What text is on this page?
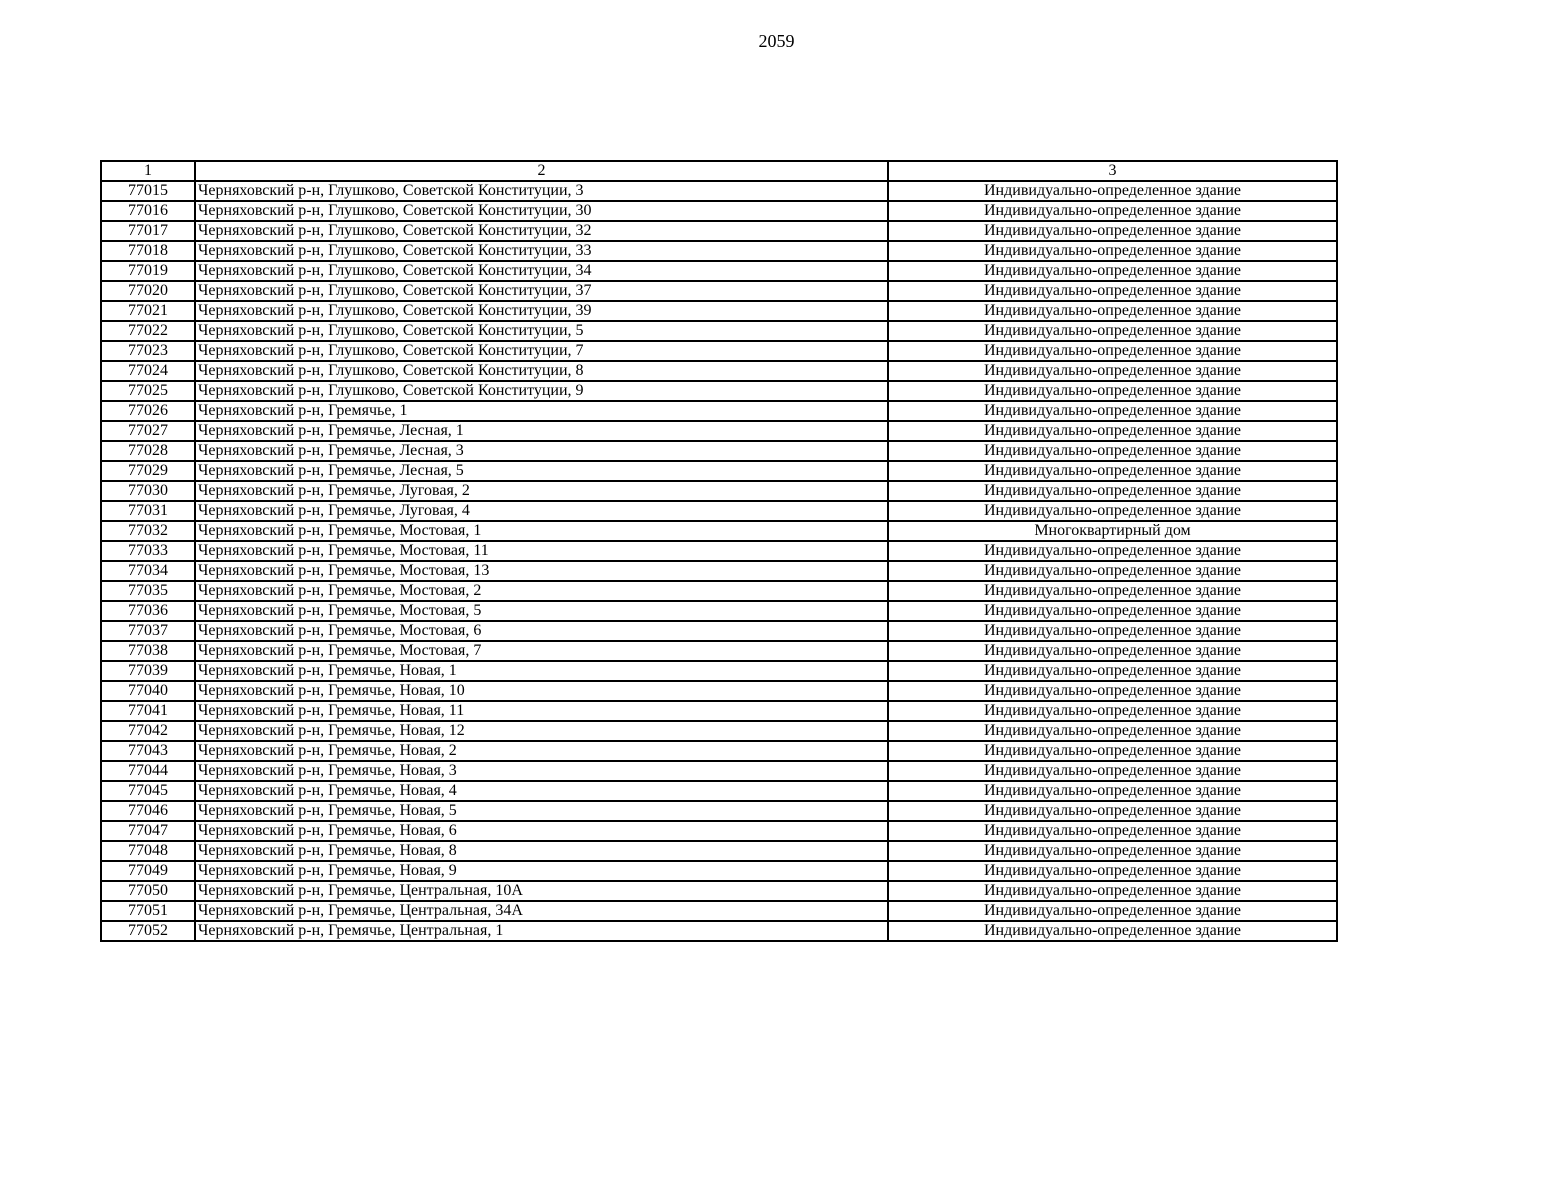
2059
1	2	3
77015	Черняховский р-н, Глушково, Советской Конституции, 3	Индивидуально-определенное здание
77016	Черняховский р-н, Глушково, Советской Конституции, 30	Индивидуально-определенное здание
77017	Черняховский р-н, Глушково, Советской Конституции, 32	Индивидуально-определенное здание
77018	Черняховский р-н, Глушково, Советской Конституции, 33	Индивидуально-определенное здание
77019	Черняховский р-н, Глушково, Советской Конституции, 34	Индивидуально-определенное здание
77020	Черняховский р-н, Глушково, Советской Конституции, 37	Индивидуально-определенное здание
77021	Черняховский р-н, Глушково, Советской Конституции, 39	Индивидуально-определенное здание
77022	Черняховский р-н, Глушково, Советской Конституции, 5	Индивидуально-определенное здание
77023	Черняховский р-н, Глушково, Советской Конституции, 7	Индивидуально-определенное здание
77024	Черняховский р-н, Глушково, Советской Конституции, 8	Индивидуально-определенное здание
77025	Черняховский р-н, Глушково, Советской Конституции, 9	Индивидуально-определенное здание
77026	Черняховский р-н, Гремячье, 1	Индивидуально-определенное здание
77027	Черняховский р-н, Гремячье, Лесная, 1	Индивидуально-определенное здание
77028	Черняховский р-н, Гремячье, Лесная, 3	Индивидуально-определенное здание
77029	Черняховский р-н, Гремячье, Лесная, 5	Индивидуально-определенное здание
77030	Черняховский р-н, Гремячье, Луговая, 2	Индивидуально-определенное здание
77031	Черняховский р-н, Гремячье, Луговая, 4	Индивидуально-определенное здание
77032	Черняховский р-н, Гремячье, Мостовая, 1	Многоквартирный дом
77033	Черняховский р-н, Гремячье, Мостовая, 11	Индивидуально-определенное здание
77034	Черняховский р-н, Гремячье, Мостовая, 13	Индивидуально-определенное здание
77035	Черняховский р-н, Гремячье, Мостовая, 2	Индивидуально-определенное здание
77036	Черняховский р-н, Гремячье, Мостовая, 5	Индивидуально-определенное здание
77037	Черняховский р-н, Гремячье, Мостовая, 6	Индивидуально-определенное здание
77038	Черняховский р-н, Гремячье, Мостовая, 7	Индивидуально-определенное здание
77039	Черняховский р-н, Гремячье, Новая, 1	Индивидуально-определенное здание
77040	Черняховский р-н, Гремячье, Новая, 10	Индивидуально-определенное здание
77041	Черняховский р-н, Гремячье, Новая, 11	Индивидуально-определенное здание
77042	Черняховский р-н, Гремячье, Новая, 12	Индивидуально-определенное здание
77043	Черняховский р-н, Гремячье, Новая, 2	Индивидуально-определенное здание
77044	Черняховский р-н, Гремячье, Новая, 3	Индивидуально-определенное здание
77045	Черняховский р-н, Гремячье, Новая, 4	Индивидуально-определенное здание
77046	Черняховский р-н, Гремячье, Новая, 5	Индивидуально-определенное здание
77047	Черняховский р-н, Гремячье, Новая, 6	Индивидуально-определенное здание
77048	Черняховский р-н, Гремячье, Новая, 8	Индивидуально-определенное здание
77049	Черняховский р-н, Гремячье, Новая, 9	Индивидуально-определенное здание
77050	Черняховский р-н, Гремячье, Центральная, 10А	Индивидуально-определенное здание
77051	Черняховский р-н, Гремячье, Центральная, 34А	Индивидуально-определенное здание
77052	Черняховский р-н, Гремячье, Центральная, 1	Индивидуально-определенное здание
